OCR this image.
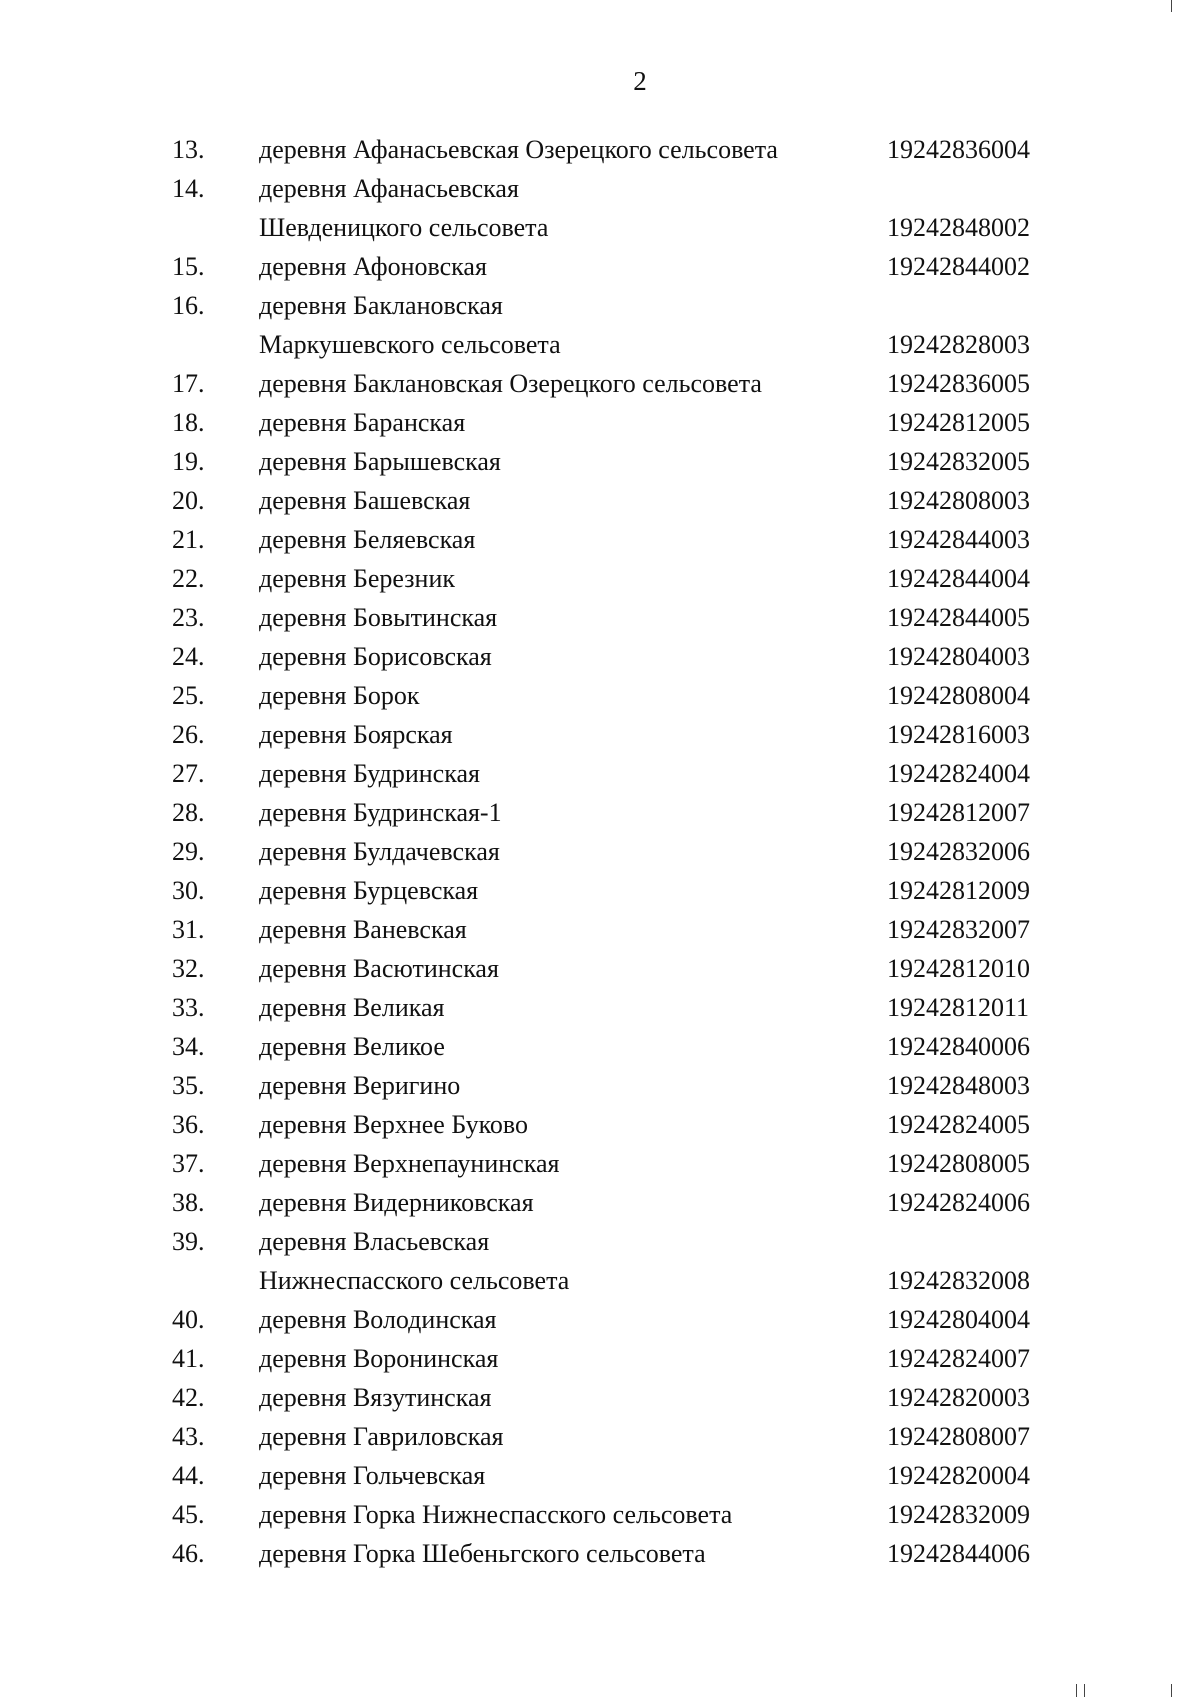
2
13. деревня Афанасьевская Озерецкого сельсовета	19242836004
14. деревня Афанасьевская
Шевденицкого сельсовета	19242848002
15. деревня Афоновская	19242844002
16. деревня Баклановская
Маркушевского сельсовета	19242828003
17. деревня Баклановская Озерецкого сельсовета	19242836005
18. деревня Баранская	19242812005
19. деревня Барышевская	19242832005
20. деревня Башевская	19242808003
21. деревня Беляевская	19242844003
22. деревня Березник	19242844004
23. деревня Бовытинская	19242844005
24. деревня Борисовская	19242804003
25. деревня Борок	19242808004
26. деревня Боярская	19242816003
27. деревня Будринская	19242824004
28. деревня Будринская-1	19242812007
29. деревня Булдачевская	19242832006
30. деревня Бурцевская	19242812009
31. деревня Ваневская	19242832007
32. деревня Васютинская	19242812010
33. деревня Великая	19242812011
34. деревня Великое	19242840006
35. деревня Веригино	19242848003
36. деревня Верхнее Буково	19242824005
37. деревня Верхнепаунинская	19242808005
38. деревня Видерниковская	19242824006
39. деревня Власьевская
Нижнеспасского сельсовета	19242832008
40. деревня Володинская	19242804004
41. деревня Воронинская	19242824007
42. деревня Вязутинская	19242820003
43. деревня Гавриловская	19242808007
44. деревня Гольчевская	19242820004
45. деревня Горка Нижнеспасского сельсовета	19242832009
46. деревня Горка Шебеньгского сельсовета	19242844006
